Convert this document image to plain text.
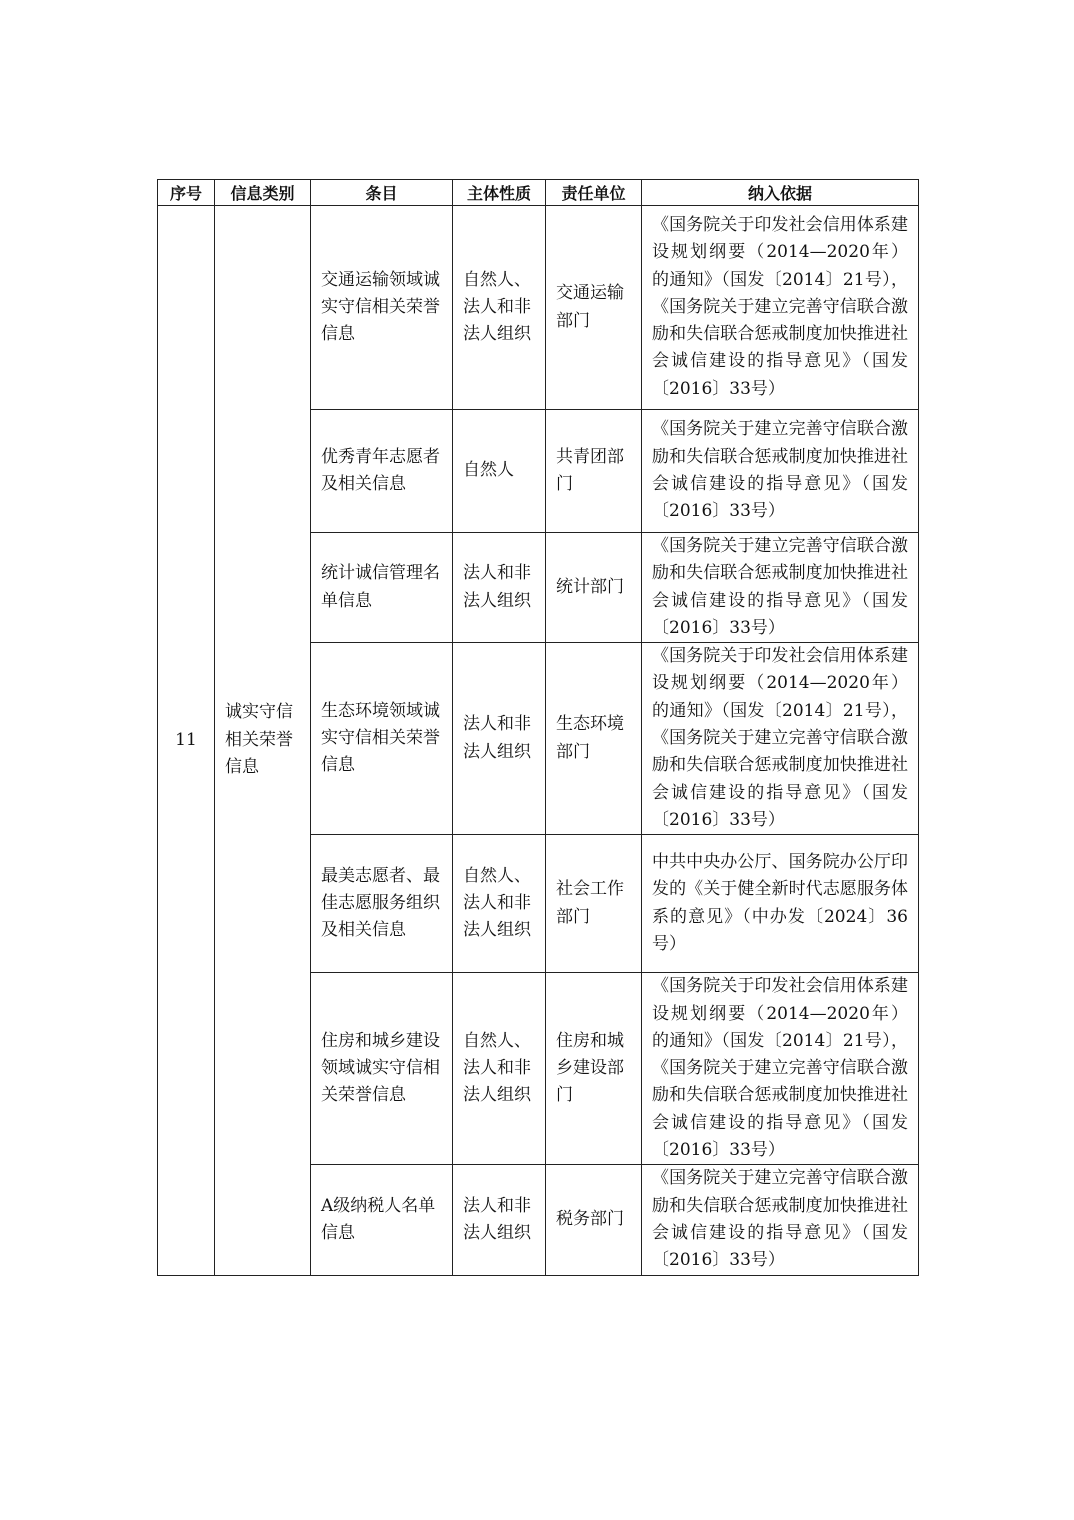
序号	信息类别	条目	主体性质	责任单位	纳入依据
11	诚实守信相关荣誉信息	交通运输领域诚实守信相关荣誉信息	自然人、法人和非法人组织	交通运输部门	《国务院关于印发社会信用体系建设规划纲要（2014—2020年）的通知》（国发〔2014〕21号），《国务院关于建立完善守信联合激励和失信联合惩戒制度加快推进社会诚信建设的指导意见》（国发〔2016〕33号）
		优秀青年志愿者及相关信息	自然人	共青团部门	《国务院关于建立完善守信联合激励和失信联合惩戒制度加快推进社会诚信建设的指导意见》（国发〔2016〕33号）
		统计诚信管理名单信息	法人和非法人组织	统计部门	《国务院关于建立完善守信联合激励和失信联合惩戒制度加快推进社会诚信建设的指导意见》（国发〔2016〕33号）
		生态环境领域诚实守信相关荣誉信息	法人和非法人组织	生态环境部门	《国务院关于印发社会信用体系建设规划纲要（2014—2020年）的通知》（国发〔2014〕21号），《国务院关于建立完善守信联合激励和失信联合惩戒制度加快推进社会诚信建设的指导意见》（国发〔2016〕33号）
		最美志愿者、最佳志愿服务组织及相关信息	自然人、法人和非法人组织	社会工作部门	中共中央办公厅、国务院办公厅印发的《关于健全新时代志愿服务体系的意见》（中办发〔2024〕36号）
		住房和城乡建设领域诚实守信相关荣誉信息	自然人、法人和非法人组织	住房和城乡建设部门	《国务院关于印发社会信用体系建设规划纲要（2014—2020年）的通知》（国发〔2014〕21号），《国务院关于建立完善守信联合激励和失信联合惩戒制度加快推进社会诚信建设的指导意见》（国发〔2016〕33号）
		A级纳税人名单信息	法人和非法人组织	税务部门	《国务院关于建立完善守信联合激励和失信联合惩戒制度加快推进社会诚信建设的指导意见》（国发〔2016〕33号）
